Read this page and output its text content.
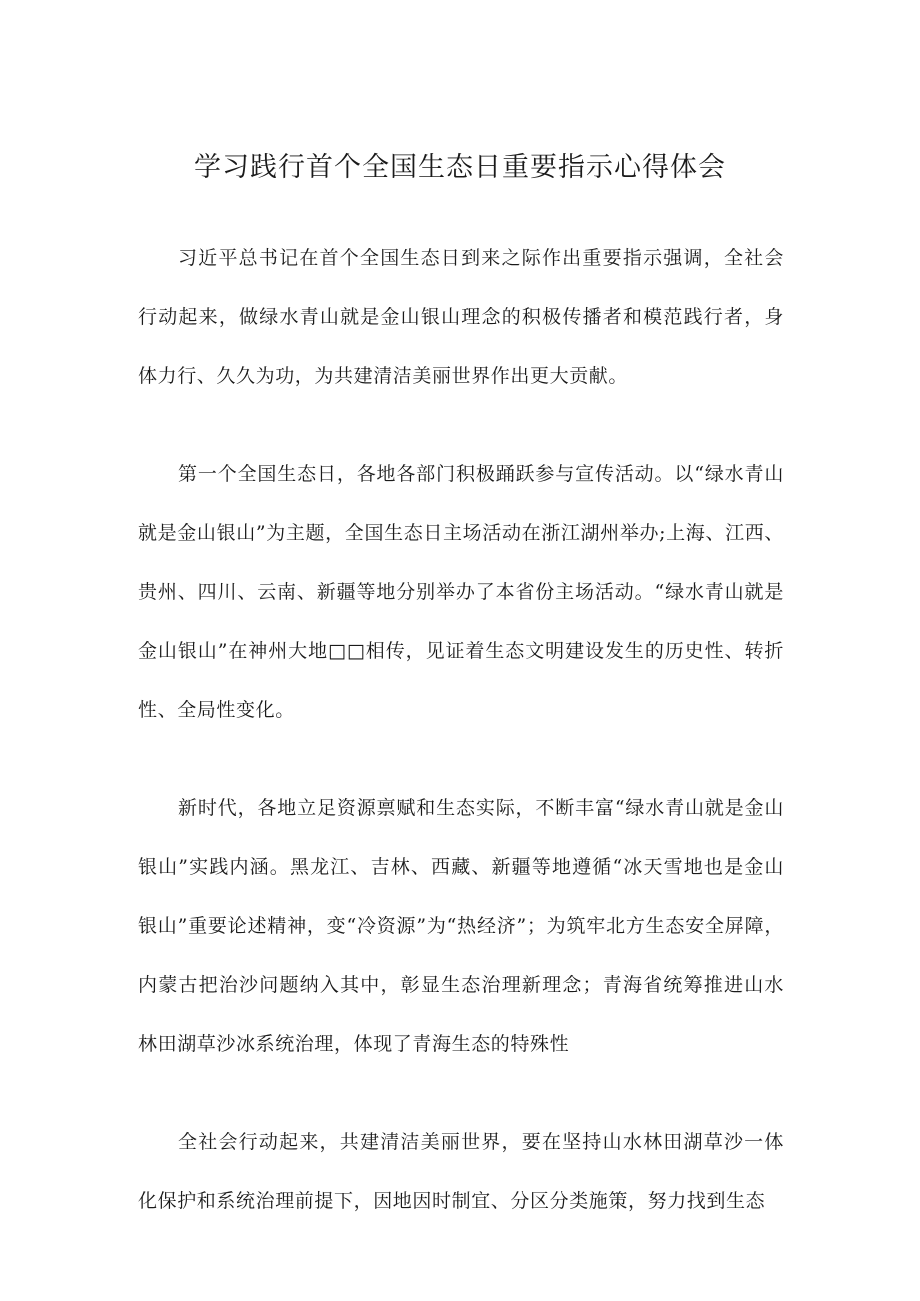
学习践行首个全国生态日重要指示心得体会

习近平总书记在首个全国生态日到来之际作出重要指示强调，全社会行动起来，做绿水青山就是金山银山理念的积极传播者和模范践行者，身体力行、久久为功，为共建清洁美丽世界作出更大贡献。

第一个全国生态日，各地各部门积极踊跃参与宣传活动。以“绿水青山就是金山银山”为主题，全国生态日主场活动在浙江湖州举办;上海、江西、贵州、四川、云南、新疆等地分别举办了本省份主场活动。“绿水青山就是金山银山”在神州大地□□相传，见证着生态文明建设发生的历史性、转折性、全局性变化。

新时代，各地立足资源禀赋和生态实际，不断丰富“绿水青山就是金山银山”实践内涵。黑龙江、吉林、西藏、新疆等地遵循“冰天雪地也是金山银山”重要论述精神，变“冷资源”为“热经济”；为筑牢北方生态安全屏障，内蒙古把治沙问题纳入其中，彰显生态治理新理念；青海省统筹推进山水林田湖草沙冰系统治理，体现了青海生态的特殊性

全社会行动起来，共建清洁美丽世界，要在坚持山水林田湖草沙一体化保护和系统治理前提下，因地因时制宜、分区分类施策，努力找到生态
